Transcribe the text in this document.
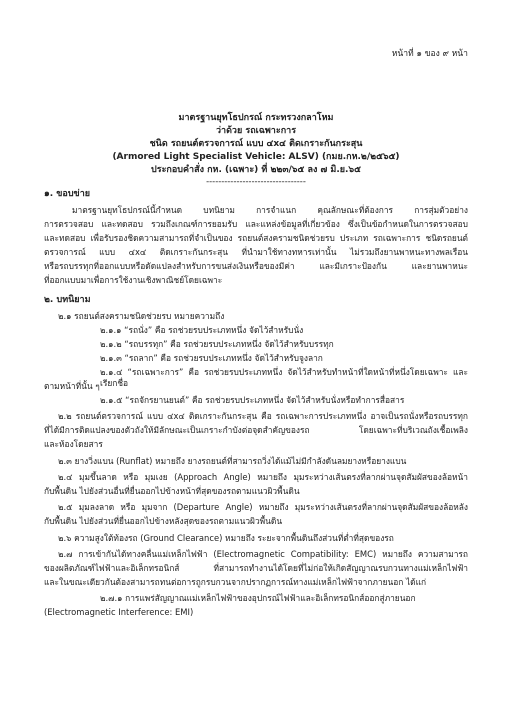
หน้าที่ ๑ ของ ๙ หน้า
มาตรฐานยุทโธปกรณ์ กระทรวงกลาโหม
ว่าด้วย รถเฉพาะการ
ชนิด รถยนต์ตรวจการณ์ แบบ ๔x๔ ติดเกราะกันกระสุน
(Armored Light Specialist Vehicle: ALSV) (กมย.กห.๒/๒๕๖๕)
ประกอบคำสั่ง กห. (เฉพาะ) ที่ ๒๒๓/๖๕ ลง ๗ มิ.ย.๖๕
---------------------------------
๑. ขอบข่าย
มาตรฐานยุทโธปกรณ์นี้กำหนด บทนิยาม การจำแนก คุณลักษณะที่ต้องการ การสุ่มตัวอย่าง
การตรวจสอบ และทดสอบ รวมถึงเกณฑ์การยอมรับ และแหล่งข้อมูลที่เกี่ยวข้อง ซึ่งเป็นข้อกำหนดในการตรวจสอบ
และทดสอบ เพื่อรับรองชิดความสามารถที่จำเป็นของ รถยนต์สงครามชนิดช่วยรบ ประเภท รถเฉพาะการ ชนิดรถยนต์
ตรวจการณ์ แบบ ๔x๔ ติดเกราะกันกระสุน ที่นำมาใช้ทางทหารเท่านั้น ไม่รวมถึงยานพาหนะทางพลเรือน
หรือรถบรรทุกที่ออกแบบหรือดัดแปลงสำหรับการขนส่งเงินหรือของมีค่า และมีเกราะป้องกัน และยานพาหนะ
ที่ออกแบบมาเพื่อการใช้งานเชิงพาณิชย์โดยเฉพาะ
๒. บทนิยาม
๒.๑ รถยนต์สงครามชนิดช่วยรบ หมายความถึง
๒.๑.๑ “รถนั่ง” คือ รถช่วยรบประเภทหนึ่ง จัดไว้สำหรับนั่ง
๒.๑.๒ “รถบรรทุก” คือ รถช่วยรบประเภทหนึ่ง จัดไว้สำหรับบรรทุก
๒.๑.๓ “รถลาก” คือ รถช่วยรบประเภทหนึ่ง จัดไว้สำหรับจูงลาก
๒.๑.๔ “รถเฉพาะการ” คือ รถช่วยรบประเภทหนึ่ง จัดไว้สำหรับทำหน้าที่ใดหน้าที่หนึ่งโดยเฉพาะ และเรียกชื่อ
ตามหน้าที่นั้น ๆ
๒.๑.๕ “รถจักรยานยนต์” คือ รถช่วยรบประเภทหนึ่ง จัดไว้สำหรับนั่งหรือทำการสื่อสาร
๒.๒ รถยนต์ตรวจการณ์ แบบ ๔x๔ ติดเกราะกันกระสุน คือ รถเฉพาะการประเภทหนึ่ง อาจเป็นรถนั่งหรือรถบรรทุก
ที่ได้มีการติดแปลงของตัวถังให้มีลักษณะเป็นเกราะกำบังต่อจุดสำคัญของรถ โดยเฉพาะที่บริเวณถังเชื้อเพลิง
และห้องโดยสาร
๒.๓ ยางวิ่งแบน (Runflat) หมายถึง ยางรถยนต์ที่สามารถวิ่งได้แม้ไม่มีกำลังดันลมยางหรือยางแบน
๒.๔ มุมขึ้นลาด หรือ มุมเงย (Approach Angle) หมายถึง มุมระหว่างเส้นตรงที่ลากผ่านจุดสัมผัสของล้อหน้า
กับพื้นดิน ไปยังส่วนอื่นที่ยื่นออกไปข้างหน้าที่สุดของรถตามแนวผิวพื้นดิน
๒.๕ มุมลงลาด หรือ มุมจาก (Departure Angle) หมายถึง มุมระหว่างเส้นตรงที่ลากผ่านจุดสัมผัสของล้อหลัง
กับพื้นดิน ไปยังส่วนที่ยื่นออกไปข้างหลังสุดของรถตามแนวผิวพื้นดิน
๒.๖ ความสูงใต้ท้องรถ (Ground Clearance) หมายถึง ระยะจากพื้นดินถึงส่วนที่ต่ำที่สุดของรถ
๒.๗ การเข้ากันได้ทางคลื่นแม่เหล็กไฟฟ้า (Electromagnetic Compatibility: EMC) หมายถึง ความสามารถ
ของผลิตภัณฑ์ไฟฟ้าและอิเล็กทรอนิกส์ ที่สามารถทำงานได้โดยที่ไม่ก่อให้เกิดสัญญาณรบกวนทางแม่เหล็กไฟฟ้า
และในขณะเดียวกันต้องสามารถทนต่อการถูกรบกวนจากปรากฏการณ์ทางแม่เหล็กไฟฟ้าจากภายนอก ได้แก่
๒.๗.๑ การแพร่สัญญาณแม่เหล็กไฟฟ้าของอุปกรณ์ไฟฟ้าและอิเล็กทรอนิกส์ออกสู่ภายนอก
(Electromagnetic Interference: EMI)
